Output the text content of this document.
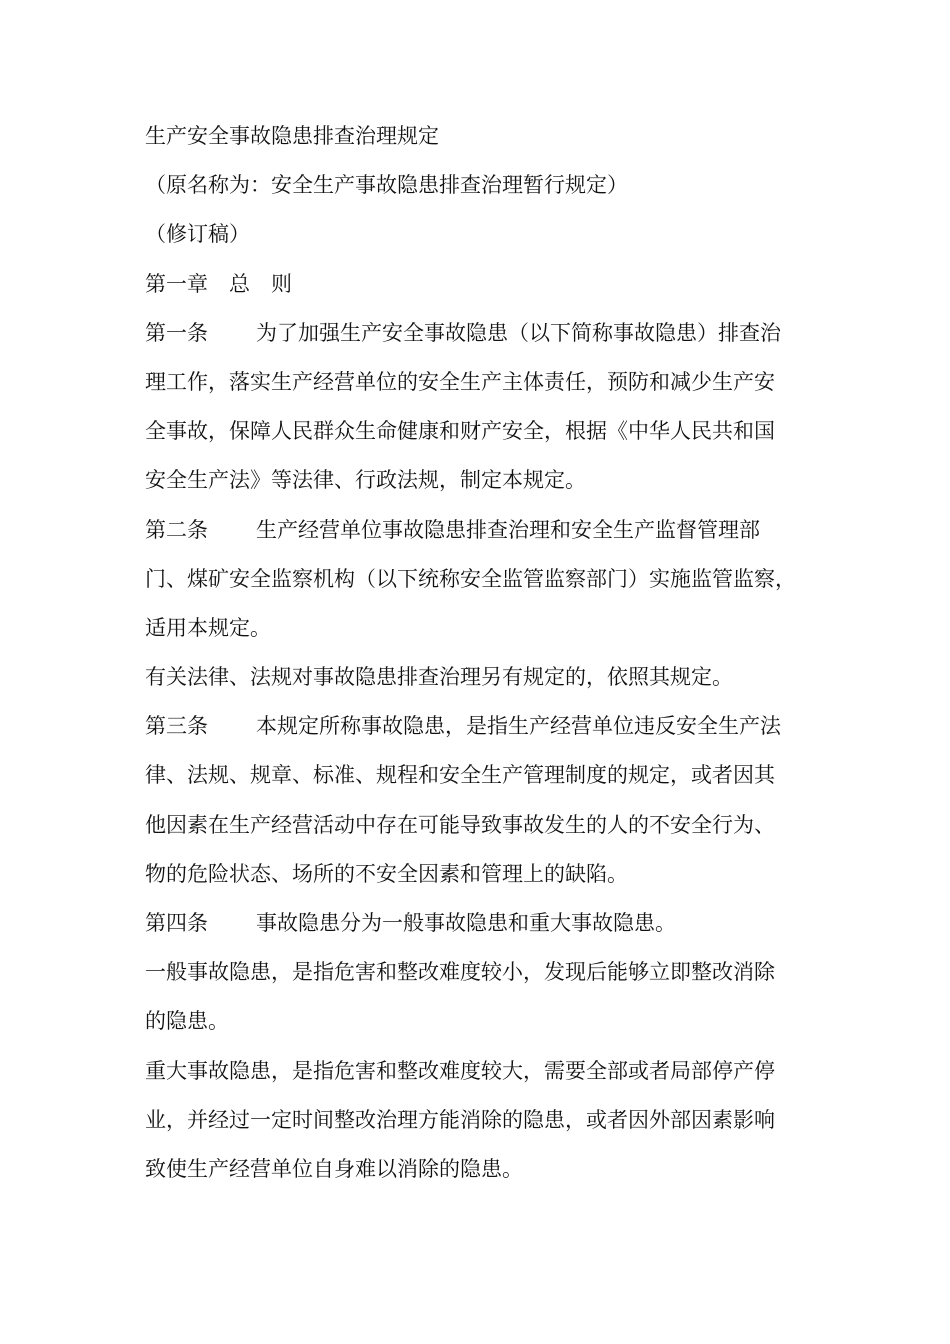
生产安全事故隐患排查治理规定
（原名称为：安全生产事故隐患排查治理暂行规定）
（修订稿）
第一章 总 则
第一条 为了加强生产安全事故隐患（以下简称事故隐患）排查治
理工作，落实生产经营单位的安全生产主体责任，预防和减少生产安
全事故，保障人民群众生命健康和财产安全，根据《中华人民共和国
安全生产法》等法律、行政法规，制定本规定。
第二条 生产经营单位事故隐患排查治理和安全生产监督管理部
门、煤矿安全监察机构（以下统称安全监管监察部门）实施监管监察，
适用本规定。
有关法律、法规对事故隐患排查治理另有规定的，依照其规定。
第三条 本规定所称事故隐患，是指生产经营单位违反安全生产法
律、法规、规章、标准、规程和安全生产管理制度的规定，或者因其
他因素在生产经营活动中存在可能导致事故发生的人的不安全行为、
物的危险状态、场所的不安全因素和管理上的缺陷。
第四条 事故隐患分为一般事故隐患和重大事故隐患。
一般事故隐患，是指危害和整改难度较小，发现后能够立即整改消除
的隐患。
重大事故隐患，是指危害和整改难度较大，需要全部或者局部停产停
业，并经过一定时间整改治理方能消除的隐患，或者因外部因素影响
致使生产经营单位自身难以消除的隐患。
